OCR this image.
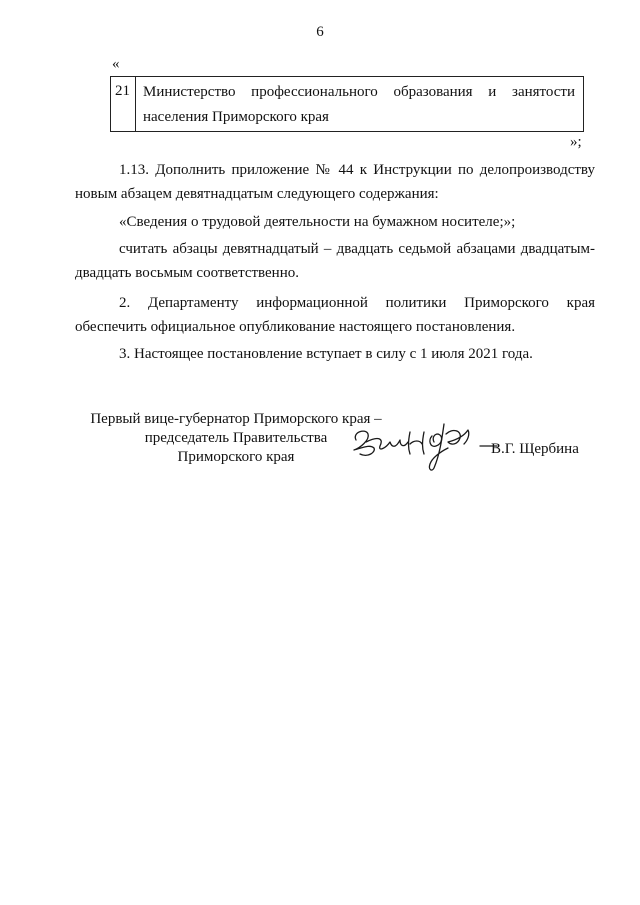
6
«
21 Министерство профессионального образования и занятости
населения Приморского края
»;
1.13. Дополнить приложение № 44 к Инструкции по делопроизводству
новым абзацем девятнадцатым следующего содержания:
«Сведения о трудовой деятельности на бумажном носителе;»;
считать абзацы девятнадцатый – двадцать седьмой абзацами двадцатым-
двадцать восьмым соответственно.
2. Департаменту информационной политики Приморского края
обеспечить официальное опубликование настоящего постановления.
3. Настоящее постановление вступает в силу с 1 июля 2021 года.
Первый вице-губернатор Приморского края –
председатель Правительства
Приморского края	В.Г. Щербина
